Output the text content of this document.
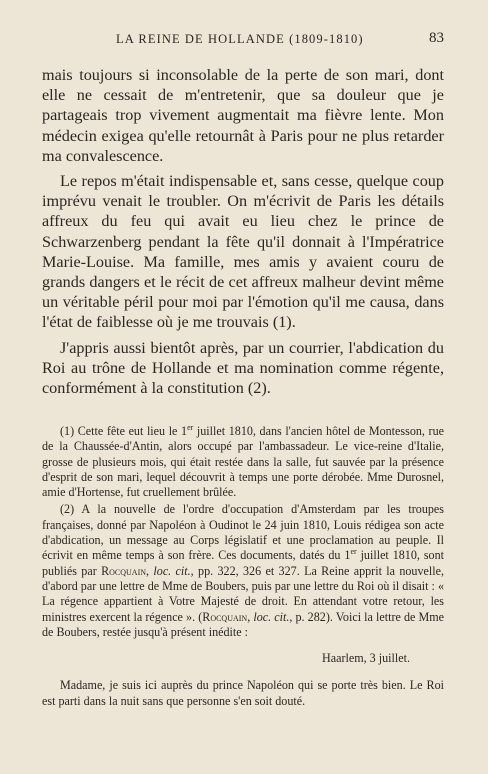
LA REINE DE HOLLANDE (1809-1810)	83

mais toujours si inconsolable de la perte de son mari, dont elle ne cessait de m'entretenir, que sa douleur que je partageais trop vivement augmentait ma fièvre lente. Mon médecin exigea qu'elle retournât à Paris pour ne plus retarder ma convalescence.

Le repos m'était indispensable et, sans cesse, quelque coup imprévu venait le troubler. On m'écrivit de Paris les détails affreux du feu qui avait eu lieu chez le prince de Schwarzenberg pendant la fête qu'il donnait à l'Impératrice Marie-Louise. Ma famille, mes amis y avaient couru de grands dangers et le récit de cet affreux malheur devint même un véritable péril pour moi par l'émotion qu'il me causa, dans l'état de faiblesse où je me trouvais (1).

J'appris aussi bientôt après, par un courrier, l'abdication du Roi au trône de Hollande et ma nomination comme régente, conformément à la constitution (2).

(1) Cette fête eut lieu le 1er juillet 1810, dans l'ancien hôtel de Montesson, rue de la Chaussée-d'Antin, alors occupé par l'ambassadeur. Le vice-reine d'Italie, grosse de plusieurs mois, qui était restée dans la salle, fut sauvée par la présence d'esprit de son mari, lequel découvrit à temps une porte dérobée. Mme Durosnel, amie d'Hortense, fut cruellement brûlée.

(2) A la nouvelle de l'ordre d'occupation d'Amsterdam par les troupes françaises, donné par Napoléon à Oudinot le 24 juin 1810, Louis rédigea son acte d'abdication, un message au Corps législatif et une proclamation au peuple. Il écrivit en même temps à son frère. Ces documents, datés du 1er juillet 1810, sont publiés par Rocquain, loc. cit., pp. 322, 326 et 327. La Reine apprit la nouvelle, d'abord par une lettre de Mme de Boubers, puis par une lettre du Roi où il disait : « La régence appartient à Votre Majesté de droit. En attendant votre retour, les ministres exercent la régence ». (Rocquain, loc. cit., p. 282). Voici la lettre de Mme de Boubers, restée jusqu'à présent inédite :

Haarlem, 3 juillet.

Madame, je suis ici auprès du prince Napoléon qui se porte très bien. Le Roi est parti dans la nuit sans que personne s'en soit douté.
